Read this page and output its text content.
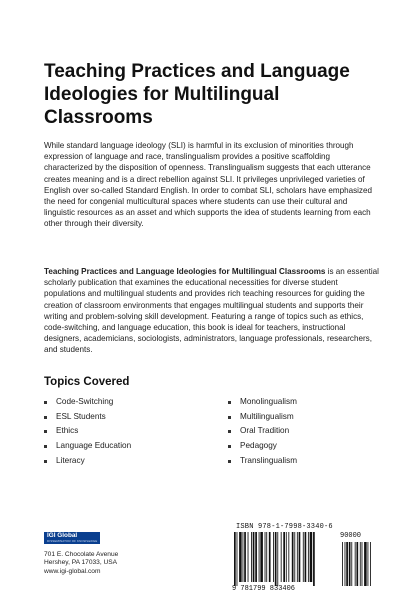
Teaching Practices and Language Ideologies for Multilingual Classrooms

While standard language ideology (SLI) is harmful in its exclusion of minorities through expression of language and race, translingualism provides a positive scaffolding characterized by the disposition of openness. Translingualism suggests that each utterance creates meaning and is a direct rebellion against SLI. It privileges unprivileged varieties of English over so-called Standard English. In order to combat SLI, scholars have emphasized the need for congenial multicultural spaces where students can use their cultural and linguistic resources as an asset and which supports the idea of students learning from each other through their diversity.

Teaching Practices and Language Ideologies for Multilingual Classrooms is an essential scholarly publication that examines the educational necessities for diverse student populations and multilingual students and provides rich teaching resources for guiding the creation of classroom environments that engages multilingual students and supports their writing and problem-solving skill development. Featuring a range of topics such as ethics, code-switching, and language education, this book is ideal for teachers, instructional designers, academicians, sociologists, administrators, language professionals, researchers, and students.

Topics Covered
Code-Switching
ESL Students
Ethics
Language Education
Literacy
Monolingualism
Multilingualism
Oral Tradition
Pedagogy
Translingualism
IGI Global
DISSEMINATOR OF KNOWLEDGE
701 E. Chocolate Avenue
Hershey, PA 17033, USA
www.igi-global.com
ISBN 978-1-7998-3340-6
9 781799 833406
90000
